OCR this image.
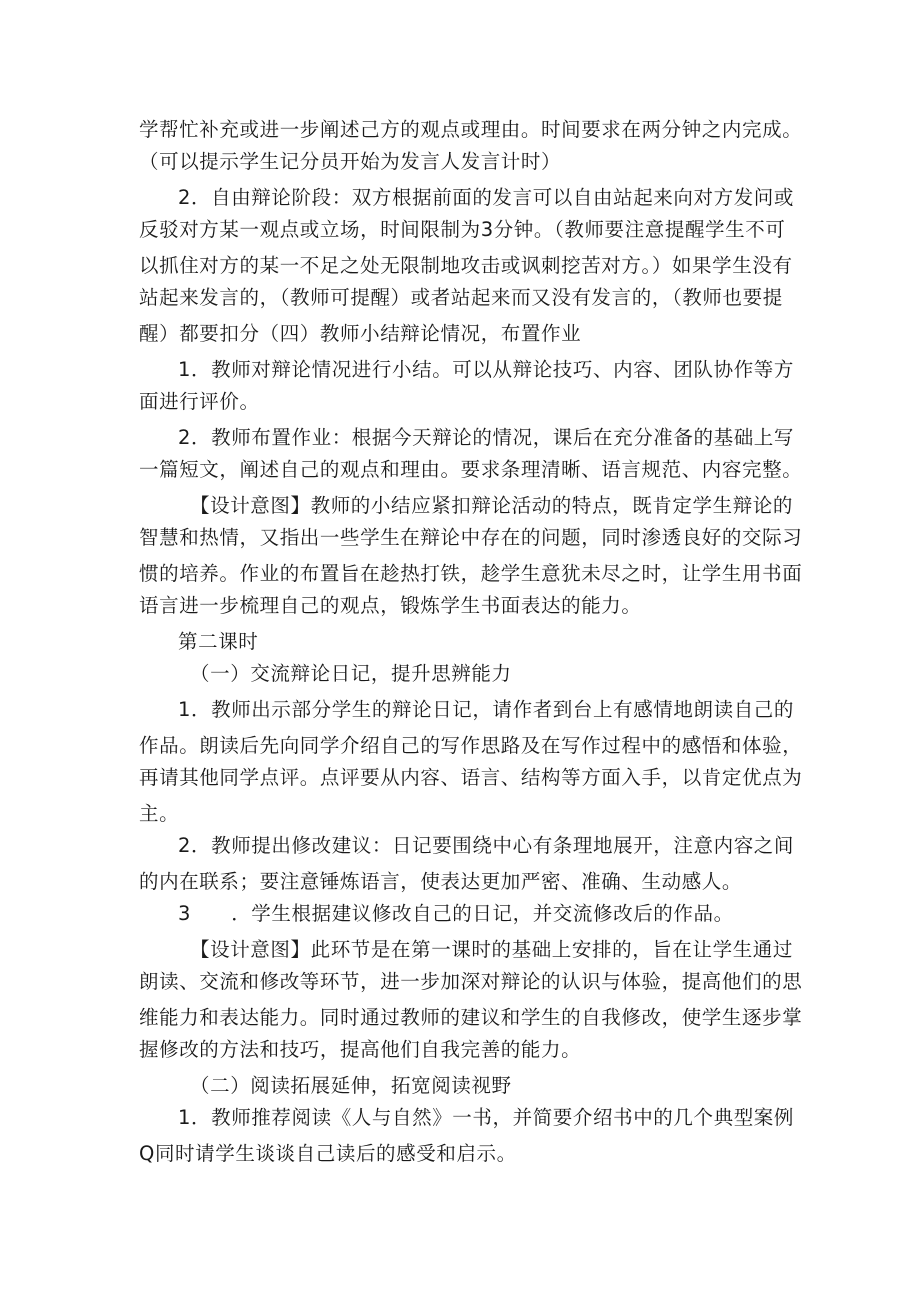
学帮忙补充或进一步阐述己方的观点或理由。时间要求在两分钟之内完成。
（可以提示学生记分员开始为发言人发言计时）
2．自由辩论阶段：双方根据前面的发言可以自由站起来向对方发问或
反驳对方某一观点或立场，时间限制为3分钟。（教师要注意提醒学生不可
以抓住对方的某一不足之处无限制地攻击或讽刺挖苦对方。）如果学生没有
站起来发言的，（教师可提醒）或者站起来而又没有发言的，（教师也要提
醒）都要扣分（四）教师小结辩论情况，布置作业
1．教师对辩论情况进行小结。可以从辩论技巧、内容、团队协作等方
面进行评价。
2．教师布置作业：根据今天辩论的情况，课后在充分准备的基础上写
一篇短文，阐述自己的观点和理由。要求条理清晰、语言规范、内容完整。
【设计意图】教师的小结应紧扣辩论活动的特点，既肯定学生辩论的
智慧和热情，又指出一些学生在辩论中存在的问题，同时渗透良好的交际习
惯的培养。作业的布置旨在趁热打铁，趁学生意犹未尽之时，让学生用书面
语言进一步梳理自己的观点，锻炼学生书面表达的能力。
第二课时
（一）交流辩论日记，提升思辨能力
1．教师出示部分学生的辩论日记，请作者到台上有感情地朗读自己的
作品。朗读后先向同学介绍自己的写作思路及在写作过程中的感悟和体验，
再请其他同学点评。点评要从内容、语言、结构等方面入手，以肯定优点为
主。
2．教师提出修改建议：日记要围绕中心有条理地展开，注意内容之间
的内在联系；要注意锤炼语言，使表达更加严密、准确、生动感人。
3　　．学生根据建议修改自己的日记，并交流修改后的作品。
【设计意图】此环节是在第一课时的基础上安排的，旨在让学生通过
朗读、交流和修改等环节，进一步加深对辩论的认识与体验，提高他们的思
维能力和表达能力。同时通过教师的建议和学生的自我修改，使学生逐步掌
握修改的方法和技巧，提高他们自我完善的能力。
（二）阅读拓展延伸，拓宽阅读视野
1．教师推荐阅读《人与自然》一书，并简要介绍书中的几个典型案例
Q同时请学生谈谈自己读后的感受和启示。
